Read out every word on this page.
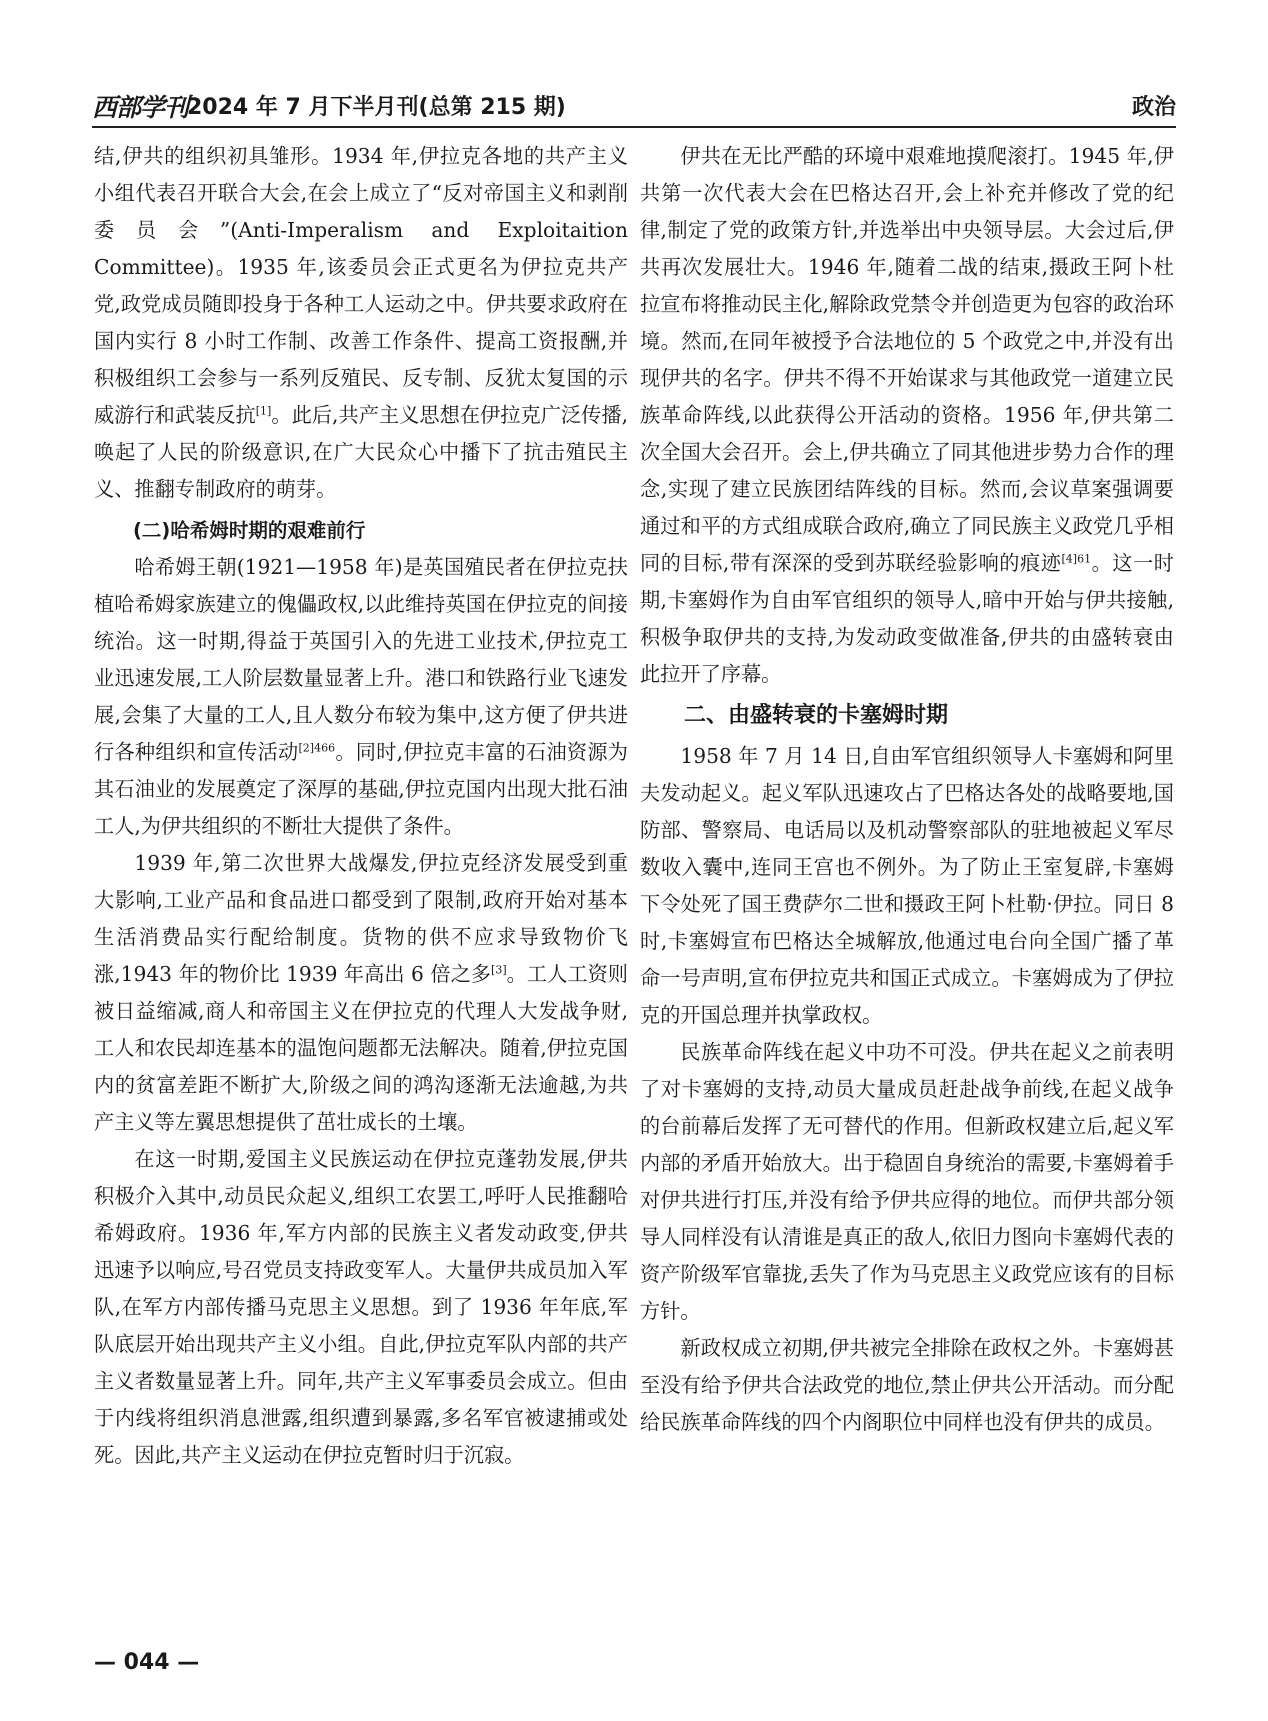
西部学刊
2024 年 7 月下半月刊(总第 215 期)	政治

结,伊共的组织初具雏形。1934 年,伊拉克各地的共产主义小组代表召开联合大会,在会上成立了“反对帝国主义和剥削委员会”(Anti-Imperalism and Exploitaition Committee)。1935 年,该委员会正式更名为伊拉克共产党,政党成员随即投身于各种工人运动之中。伊共要求政府在国内实行 8 小时工作制、改善工作条件、提高工资报酬,并积极组织工会参与一系列反殖民、反专制、反犹太复国的示威游行和武装反抗[1]。此后,共产主义思想在伊拉克广泛传播,唤起了人民的阶级意识,在广大民众心中播下了抗击殖民主义、推翻专制政府的萌芽。

(二)哈希姆时期的艰难前行

哈希姆王朝(1921—1958 年)是英国殖民者在伊拉克扶植哈希姆家族建立的傀儡政权,以此维持英国在伊拉克的间接统治。这一时期,得益于英国引入的先进工业技术,伊拉克工业迅速发展,工人阶层数量显著上升。港口和铁路行业飞速发展,会集了大量的工人,且人数分布较为集中,这方便了伊共进行各种组织和宣传活动$^{[2]466}$。同时,伊拉克丰富的石油资源为其石油业的发展奠定了深厚的基础,伊拉克国内出现大批石油工人,为伊共组织的不断壮大提供了条件。

1939 年,第二次世界大战爆发,伊拉克经济发展受到重大影响,工业产品和食品进口都受到了限制,政府开始对基本生活消费品实行配给制度。货物的供不应求导致物价飞涨,1943 年的物价比 1939 年高出 6 倍之多[3]。工人工资则被日益缩减,商人和帝国主义在伊拉克的代理人大发战争财,工人和农民却连基本的温饱问题都无法解决。随着,伊拉克国内的贫富差距不断扩大,阶级之间的鸿沟逐渐无法逾越,为共产主义等左翼思想提供了茁壮成长的土壤。

在这一时期,爱国主义民族运动在伊拉克蓬勃发展,伊共积极介入其中,动员民众起义,组织工农罢工,呼吁人民推翻哈希姆政府。1936 年,军方内部的民族主义者发动政变,伊共迅速予以响应,号召党员支持政变军人。大量伊共成员加入军队,在军方内部传播马克思主义思想。到了 1936 年年底,军队底层开始出现共产主义小组。自此,伊拉克军队内部的共产主义者数量显著上升。同年,共产主义军事委员会成立。但由于内线将组织消息泄露,组织遭到暴露,多名军官被逮捕或处死。因此,共产主义运动在伊拉克暂时归于沉寂。

伊共在无比严酷的环境中艰难地摸爬滚打。1945 年,伊共第一次代表大会在巴格达召开,会上补充并修改了党的纪律,制定了党的政策方针,并选举出中央领导层。大会过后,伊共再次发展壮大。1946 年,随着二战的结束,摄政王阿卜杜拉宣布将推动民主化,解除政党禁令并创造更为包容的政治环境。然而,在同年被授予合法地位的 5 个政党之中,并没有出现伊共的名字。伊共不得不开始谋求与其他政党一道建立民族革命阵线,以此获得公开活动的资格。1956 年,伊共第二次全国大会召开。会上,伊共确立了同其他进步势力合作的理念,实现了建立民族团结阵线的目标。然而,会议草案强调要通过和平的方式组成联合政府,确立了同民族主义政党几乎相同的目标,带有深深的受到苏联经验影响的痕迹$^{[4]61}$。这一时期,卡塞姆作为自由军官组织的领导人,暗中开始与伊共接触,积极争取伊共的支持,为发动政变做准备,伊共的由盛转衰由此拉开了序幕。

二、由盛转衰的卡塞姆时期

1958 年 7 月 14 日,自由军官组织领导人卡塞姆和阿里夫发动起义。起义军队迅速攻占了巴格达各处的战略要地,国防部、警察局、电话局以及机动警察部队的驻地被起义军尽数收入囊中,连同王宫也不例外。为了防止王室复辟,卡塞姆下令处死了国王费萨尔二世和摄政王阿卜杜勒·伊拉。同日 8 时,卡塞姆宣布巴格达全城解放,他通过电台向全国广播了革命一号声明,宣布伊拉克共和国正式成立。卡塞姆成为了伊拉克的开国总理并执掌政权。

民族革命阵线在起义中功不可没。伊共在起义之前表明了对卡塞姆的支持,动员大量成员赶赴战争前线,在起义战争的台前幕后发挥了无可替代的作用。但新政权建立后,起义军内部的矛盾开始放大。出于稳固自身统治的需要,卡塞姆着手对伊共进行打压,并没有给予伊共应得的地位。而伊共部分领导人同样没有认清谁是真正的敌人,依旧力图向卡塞姆代表的资产阶级军官靠拢,丢失了作为马克思主义政党应该有的目标方针。

新政权成立初期,伊共被完全排除在政权之外。卡塞姆甚至没有给予伊共合法政党的地位,禁止伊共公开活动。而分配给民族革命阵线的四个内阁职位中同样也没有伊共的成员。

— 044 —
